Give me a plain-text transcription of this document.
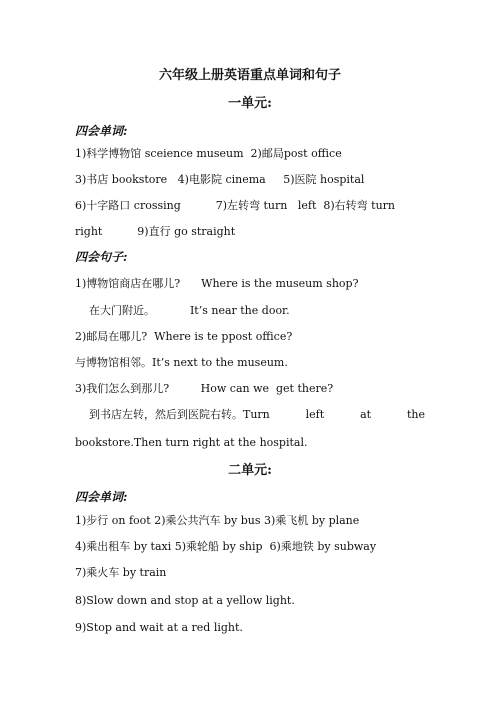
六年级上册英语重点单词和句子
一单元:
四会单词:
1)科学博物馆 sceience museum  2)邮局post office
3)书店 bookstore   4)电影院 cinema     5)医院 hospital
6)十字路口 crossing          7)左转弯 turn   left  8)右转弯 turn
right          9)直行 go straight
四会句子:
1)博物馆商店在哪儿?      Where is the museum shop?
在大门附近。          It’s near the door.
2)邮局在哪儿?  Where is te ppost office?
与博物馆相邻。It’s next to the museum.
3)我们怎么到那儿?         How can we  get there?
到书店左转，然后到医院右转。Turn	left	at	the
bookstore.Then turn right at the hospital.
二单元:
四会单词:
1)步行 on foot 2)乘公共汽车 by bus 3)乘飞机 by plane
4)乘出租车 by taxi 5)乘轮船 by ship  6)乘地铁 by subway
7)乘火车 by train
8)Slow down and stop at a yellow light.
9)Stop and wait at a red light.
